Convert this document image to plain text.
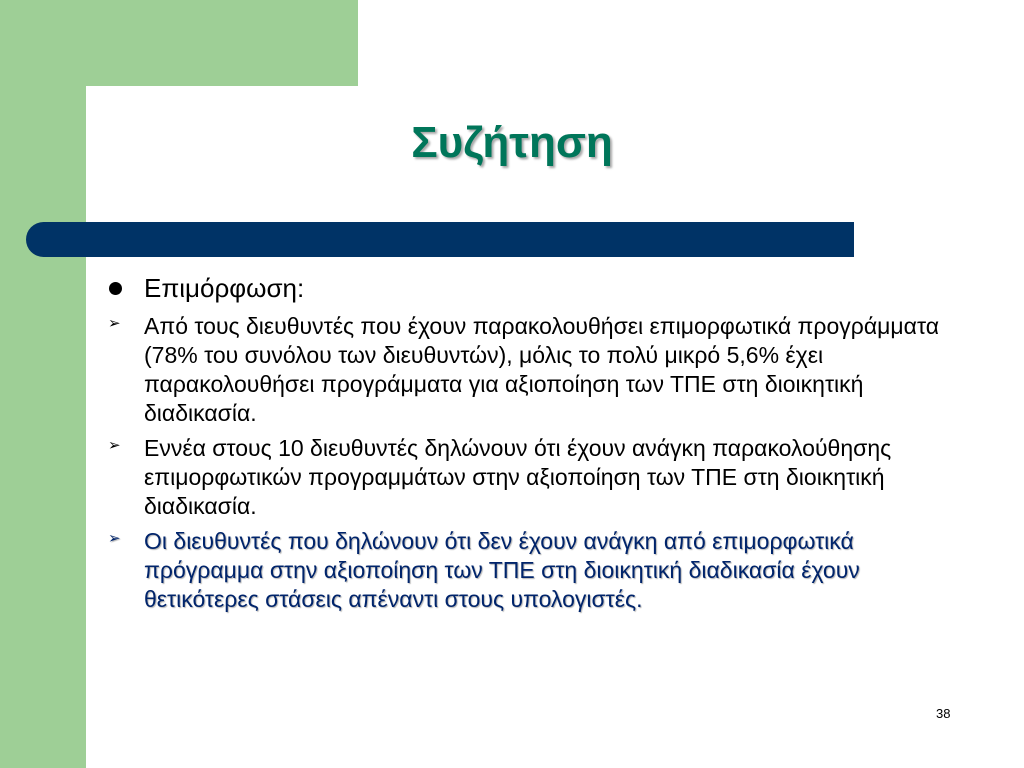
Συζήτηση
Επιμόρφωση:
➢ Από τους διευθυντές που έχουν παρακολουθήσει επιμορφωτικά προγράμματα (78% του συνόλου των διευθυντών), μόλις το πολύ μικρό 5,6% έχει παρακολουθήσει προγράμματα για αξιοποίηση των ΤΠΕ στη διοικητική διαδικασία.
➢ Εννέα στους 10 διευθυντές δηλώνουν ότι έχουν ανάγκη παρακολούθησης επιμορφωτικών προγραμμάτων στην αξιοποίηση των ΤΠΕ στη διοικητική διαδικασία.
➢ Οι διευθυντές που δηλώνουν ότι δεν έχουν ανάγκη από επιμορφωτικά πρόγραμμα στην αξιοποίηση των ΤΠΕ στη διοικητική διαδικασία έχουν θετικότερες στάσεις απέναντι στους υπολογιστές.
38
